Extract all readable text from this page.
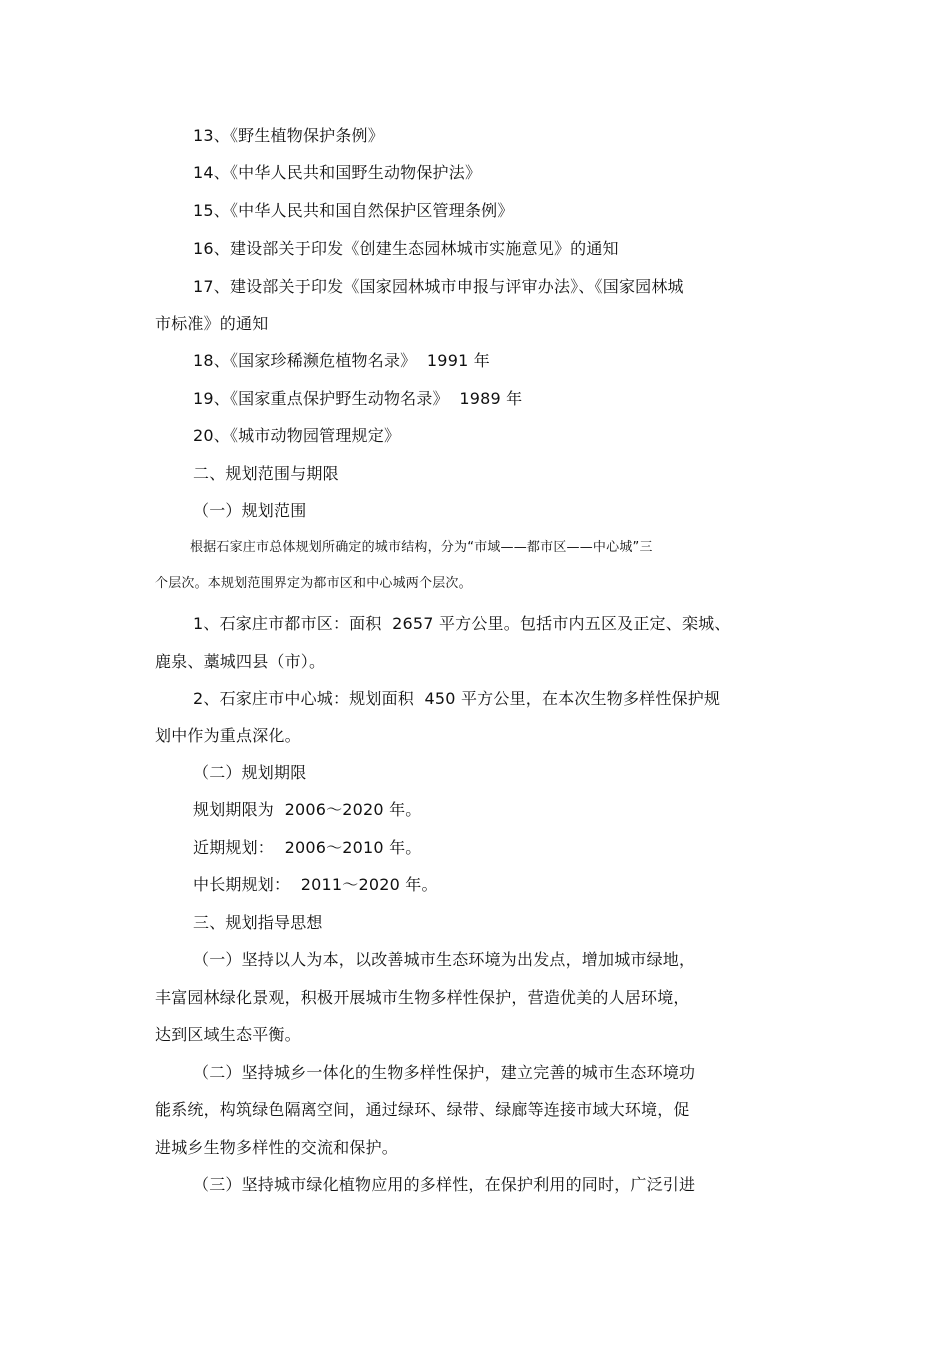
13、《野生植物保护条例》
14、《中华人民共和国野生动物保护法》
15、《中华人民共和国自然保护区管理条例》
16、建设部关于印发《创建生态园林城市实施意见》的通知
17、建设部关于印发《国家园林城市申报与评审办法》、《国家园林城
市标准》的通知
18、《国家珍稀濒危植物名录》  1991 年
19、《国家重点保护野生动物名录》  1989 年
20、《城市动物园管理规定》
二、规划范围与期限
（一）规划范围
根据石家庄市总体规划所确定的城市结构，分为“市域——都市区——中心城”三
个层次。本规划范围界定为都市区和中心城两个层次。
1、石家庄市都市区：面积  2657 平方公里。包括市内五区及正定、栾城、
鹿泉、藁城四县（市）。
2、石家庄市中心城：规划面积  450 平方公里，在本次生物多样性保护规
划中作为重点深化。
（二）规划期限
规划期限为  2006～2020 年。
近期规划：  2006～2010 年。
中长期规划：  2011～2020 年。
三、规划指导思想
（一）坚持以人为本，以改善城市生态环境为出发点，增加城市绿地，
丰富园林绿化景观，积极开展城市生物多样性保护，营造优美的人居环境，
达到区域生态平衡。
（二）坚持城乡一体化的生物多样性保护，建立完善的城市生态环境功
能系统，构筑绿色隔离空间，通过绿环、绿带、绿廊等连接市域大环境，促
进城乡生物多样性的交流和保护。
（三）坚持城市绿化植物应用的多样性，在保护利用的同时，广泛引进
